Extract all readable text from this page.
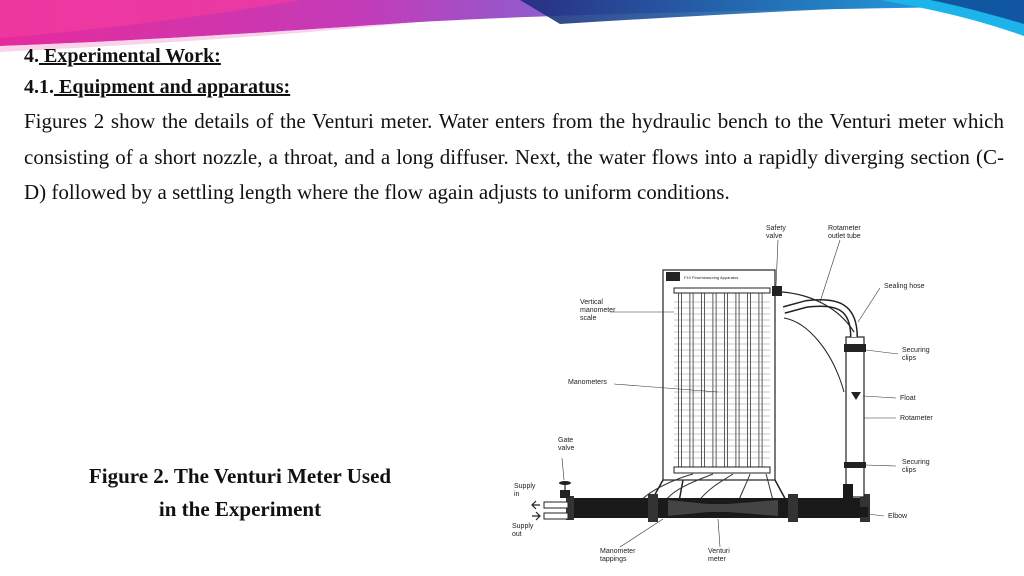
4. Experimental Work:
4.1. Equipment and apparatus:

Figures 2 show the details of the Venturi meter. Water enters from the hydraulic bench to the Venturi meter which consisting of a short nozzle, a throat, and a long diffuser. Next, the water flows into a rapidly diverging section (C-D) followed by a settling length where the flow again adjusts to uniform conditions.

Figure 2. The Venturi Meter Used
in the Experiment
F10 Flowmeasuring Apparatus
Safety valve
Rotameter outlet tube
Sealing hose
Vertical manometer scale
Securing clips
Manometers
Float
Rotameter
Gate valve
Securing clips
Supply in
Elbow
Supply out
Manometer tappings
Venturi meter
